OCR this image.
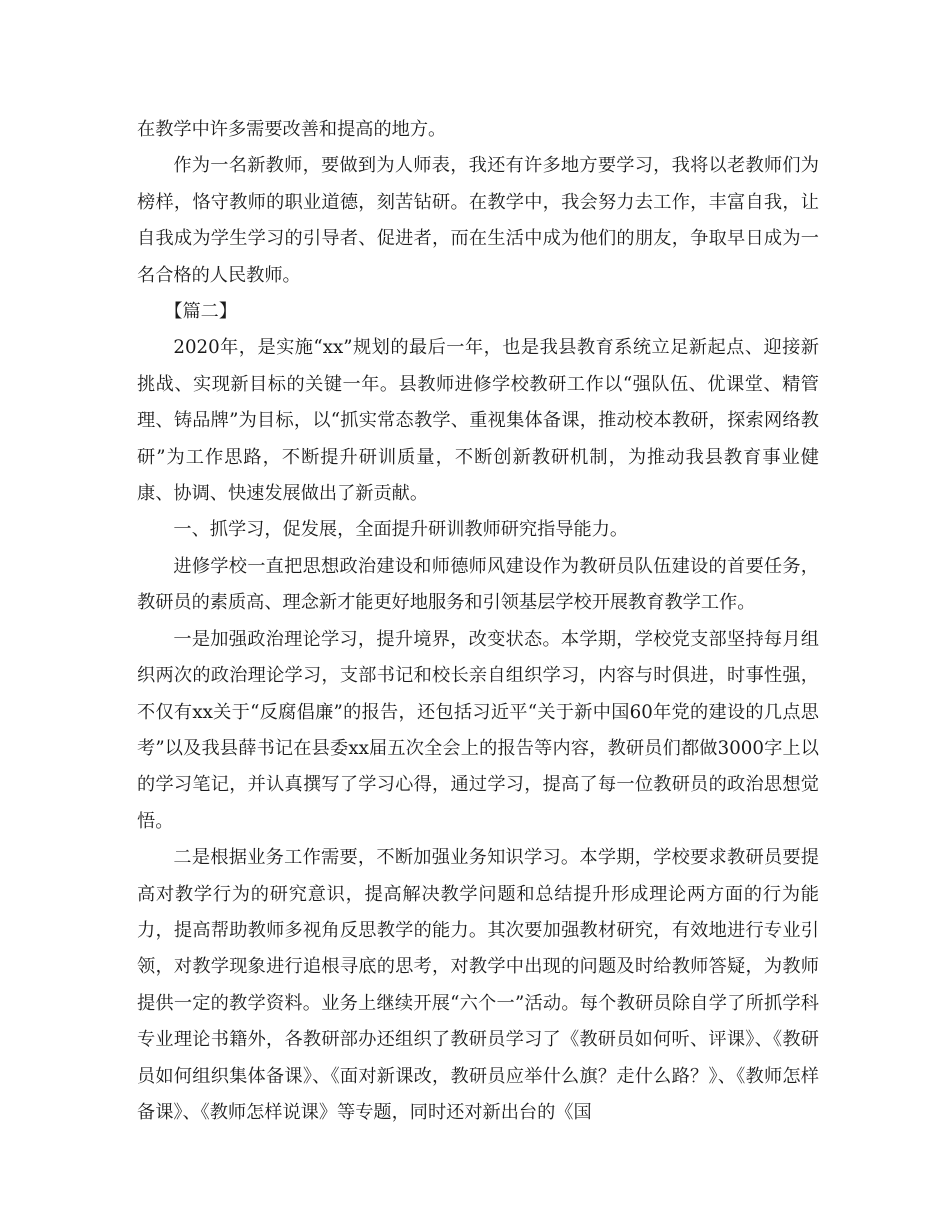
在教学中许多需要改善和提高的地方。

作为一名新教师，要做到为人师表，我还有许多地方要学习，我将以老教师们为榜样，恪守教师的职业道德，刻苦钻研。在教学中，我会努力去工作，丰富自我，让自我成为学生学习的引导者、促进者，而在生活中成为他们的朋友，争取早日成为一名合格的人民教师。

【篇二】

2020年，是实施“xx”规划的最后一年，也是我县教育系统立足新起点、迎接新挑战、实现新目标的关键一年。县教师进修学校教研工作以“强队伍、优课堂、精管理、铸品牌”为目标，以“抓实常态教学、重视集体备课，推动校本教研，探索网络教研”为工作思路，不断提升研训质量，不断创新教研机制，为推动我县教育事业健康、协调、快速发展做出了新贡献。

一、抓学习，促发展，全面提升研训教师研究指导能力。

进修学校一直把思想政治建设和师德师风建设作为教研员队伍建设的首要任务，教研员的素质高、理念新才能更好地服务和引领基层学校开展教育教学工作。

一是加强政治理论学习，提升境界，改变状态。本学期，学校党支部坚持每月组织两次的政治理论学习，支部书记和校长亲自组织学习，内容与时俱进，时事性强，不仅有xx关于“反腐倡廉”的报告，还包括习近平“关于新中国60年党的建设的几点思考”以及我县薛书记在县委xx届五次全会上的报告等内容，教研员们都做3000字上以的学习笔记，并认真撰写了学习心得，通过学习，提高了每一位教研员的政治思想觉悟。

二是根据业务工作需要，不断加强业务知识学习。本学期，学校要求教研员要提高对教学行为的研究意识，提高解决教学问题和总结提升形成理论两方面的行为能力，提高帮助教师多视角反思教学的能力。其次要加强教材研究，有效地进行专业引领，对教学现象进行追根寻底的思考，对教学中出现的问题及时给教师答疑，为教师提供一定的教学资料。业务上继续开展“六个一”活动。每个教研员除自学了所抓学科专业理论书籍外，各教研部办还组织了教研员学习了《教研员如何听、评课》、《教研员如何组织集体备课》、《面对新课改，教研员应举什么旗？走什么路？》、《教师怎样备课》、《教师怎样说课》等专题，同时还对新出台的《国
